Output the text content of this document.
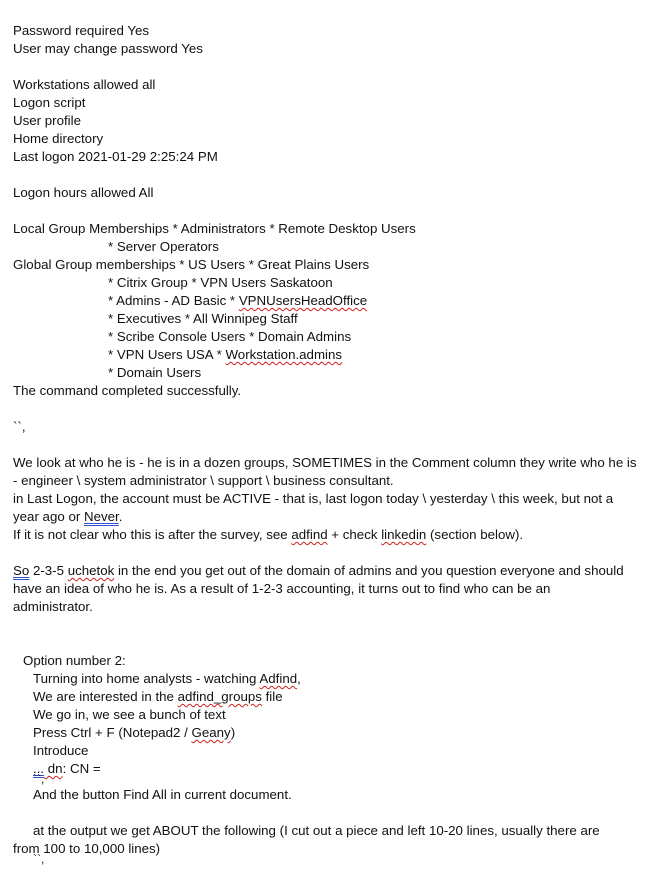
Password required Yes
User may change password Yes
Workstations allowed all
Logon script
User profile
Home directory
Last logon 2021-01-29 2:25:24 PM
Logon hours allowed All
Local Group Memberships * Administrators * Remote Desktop Users
* Server Operators
Global Group memberships * US Users * Great Plains Users
* Citrix Group * VPN Users Saskatoon
* Admins - AD Basic * VPNUsersHeadOffice
* Executives * All Winnipeg Staff
* Scribe Console Users * Domain Admins
* VPN Users USA * Workstation.admins
* Domain Users
The command completed successfully.
``,
We look at who he is - he is in a dozen groups, SOMETIMES in the Comment column they write who he is
- engineer \ system administrator \ support \ business consultant.
in Last Logon, the account must be ACTIVE - that is, last logon today \ yesterday \ this week, but not a
year ago or Never.
If it is not clear who this is after the survey, see adfind + check linkedin (section below).
So 2-3-5 uchetok in the end you get out of the domain of admins and you question everyone and should
have an idea of who he is. As a result of 1-2-3 accounting, it turns out to find who can be an
administrator.
Option number 2:
Turning into home analysts - watching Adfind,
We are interested in the adfind_groups file
We go in, we see a bunch of text
Press Ctrl + F (Notepad2 / Geany)
Introduce
... dn: CN =
``,
And the button Find All in current document.
at the output we get ABOUT the following (I cut out a piece and left 10-20 lines, usually there are
from 100 to 10,000 lines)
``,
